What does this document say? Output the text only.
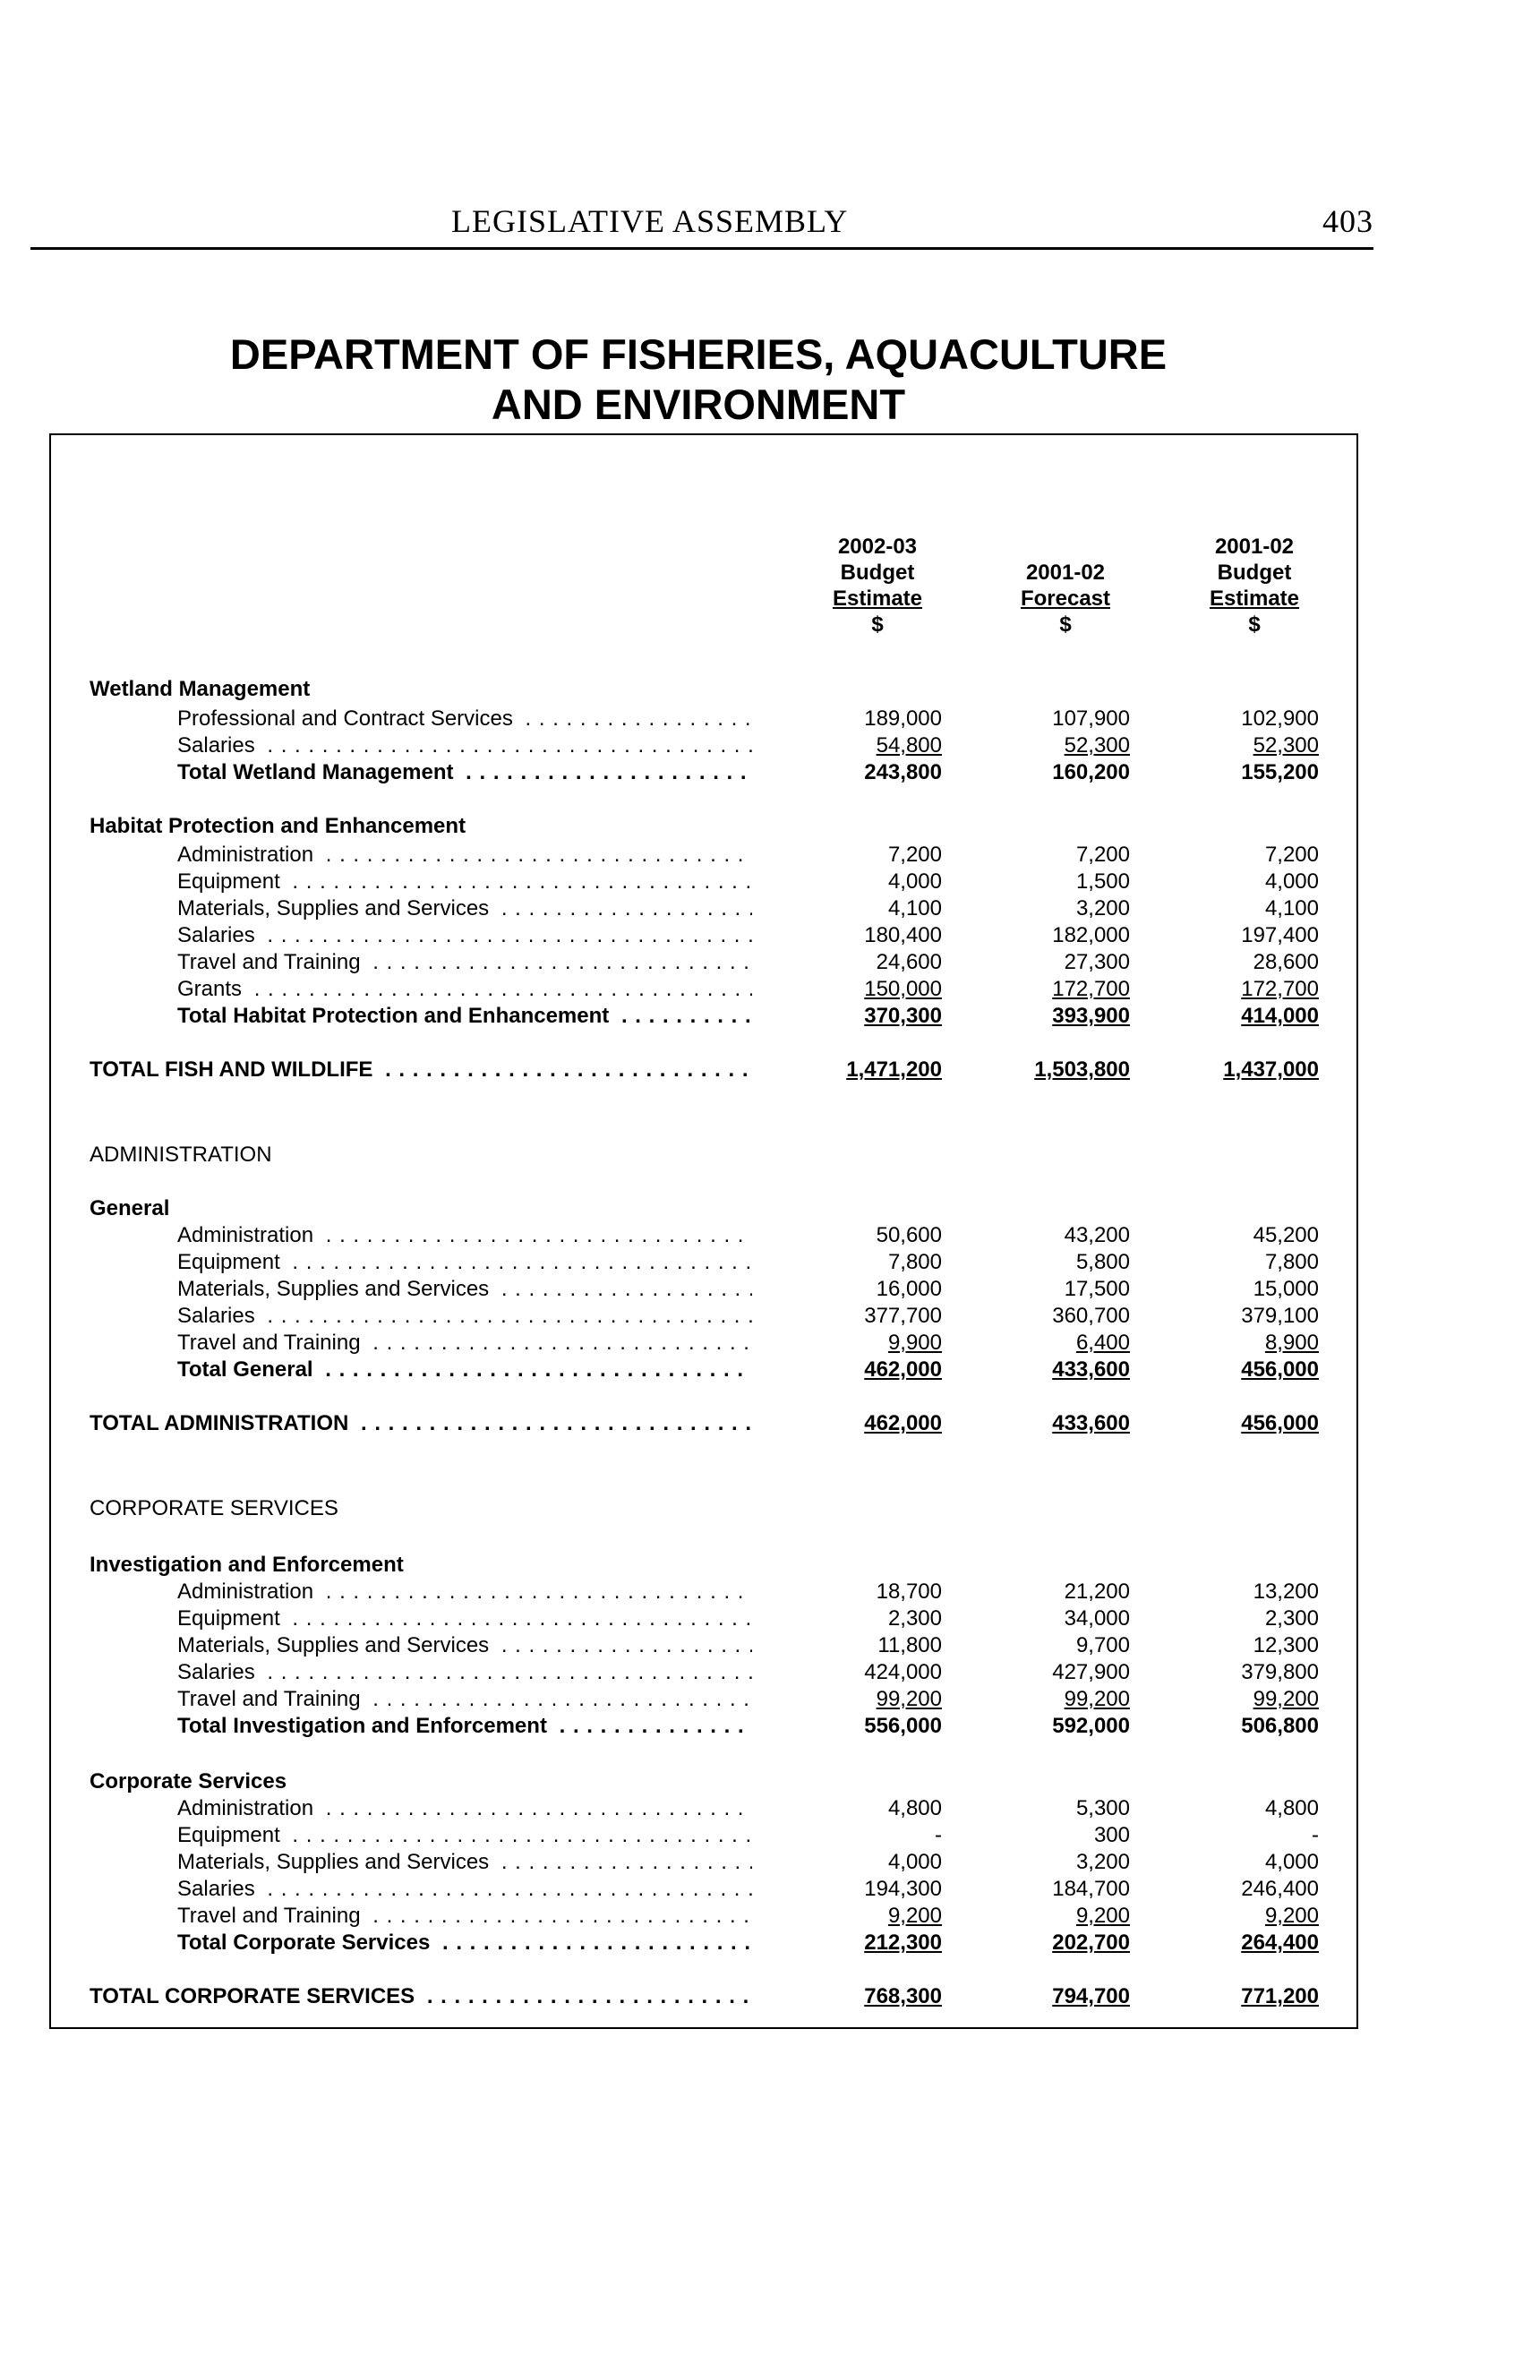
LEGISLATIVE ASSEMBLY	403
DEPARTMENT OF FISHERIES, AQUACULTURE
AND ENVIRONMENT
2002-03
Budget
Estimate
$
2001-02
Forecast
$
2001-02
Budget
Estimate
$
Wetland Management
Professional and Contract Services . . .	189,000	107,900	102,900
Salaries . . .	54,800	52,300	52,300
Total Wetland Management . . .	243,800	160,200	155,200
Habitat Protection and Enhancement
Administration . . .	7,200	7,200	7,200
Equipment . . .	4,000	1,500	4,000
Materials, Supplies and Services . . .	4,100	3,200	4,100
Salaries . . .	180,400	182,000	197,400
Travel and Training . . .	24,600	27,300	28,600
Grants . . .	150,000	172,700	172,700
Total Habitat Protection and Enhancement . . .	370,300	393,900	414,000
TOTAL FISH AND WILDLIFE . . .	1,471,200	1,503,800	1,437,000
ADMINISTRATION
General
Administration . . .	50,600	43,200	45,200
Equipment . . .	7,800	5,800	7,800
Materials, Supplies and Services . . .	16,000	17,500	15,000
Salaries . . .	377,700	360,700	379,100
Travel and Training . . .	9,900	6,400	8,900
Total General . . .	462,000	433,600	456,000
TOTAL ADMINISTRATION . . .	462,000	433,600	456,000
CORPORATE SERVICES
Investigation and Enforcement
Administration . . .	18,700	21,200	13,200
Equipment . . .	2,300	34,000	2,300
Materials, Supplies and Services . . .	11,800	9,700	12,300
Salaries . . .	424,000	427,900	379,800
Travel and Training . . .	99,200	99,200	99,200
Total Investigation and Enforcement . . .	556,000	592,000	506,800
Corporate Services
Administration . . .	4,800	5,300	4,800
Equipment . . .	-	300	-
Materials, Supplies and Services . . .	4,000	3,200	4,000
Salaries . . .	194,300	184,700	246,400
Travel and Training . . .	9,200	9,200	9,200
Total Corporate Services . . .	212,300	202,700	264,400
TOTAL CORPORATE SERVICES . . .	768,300	794,700	771,200
